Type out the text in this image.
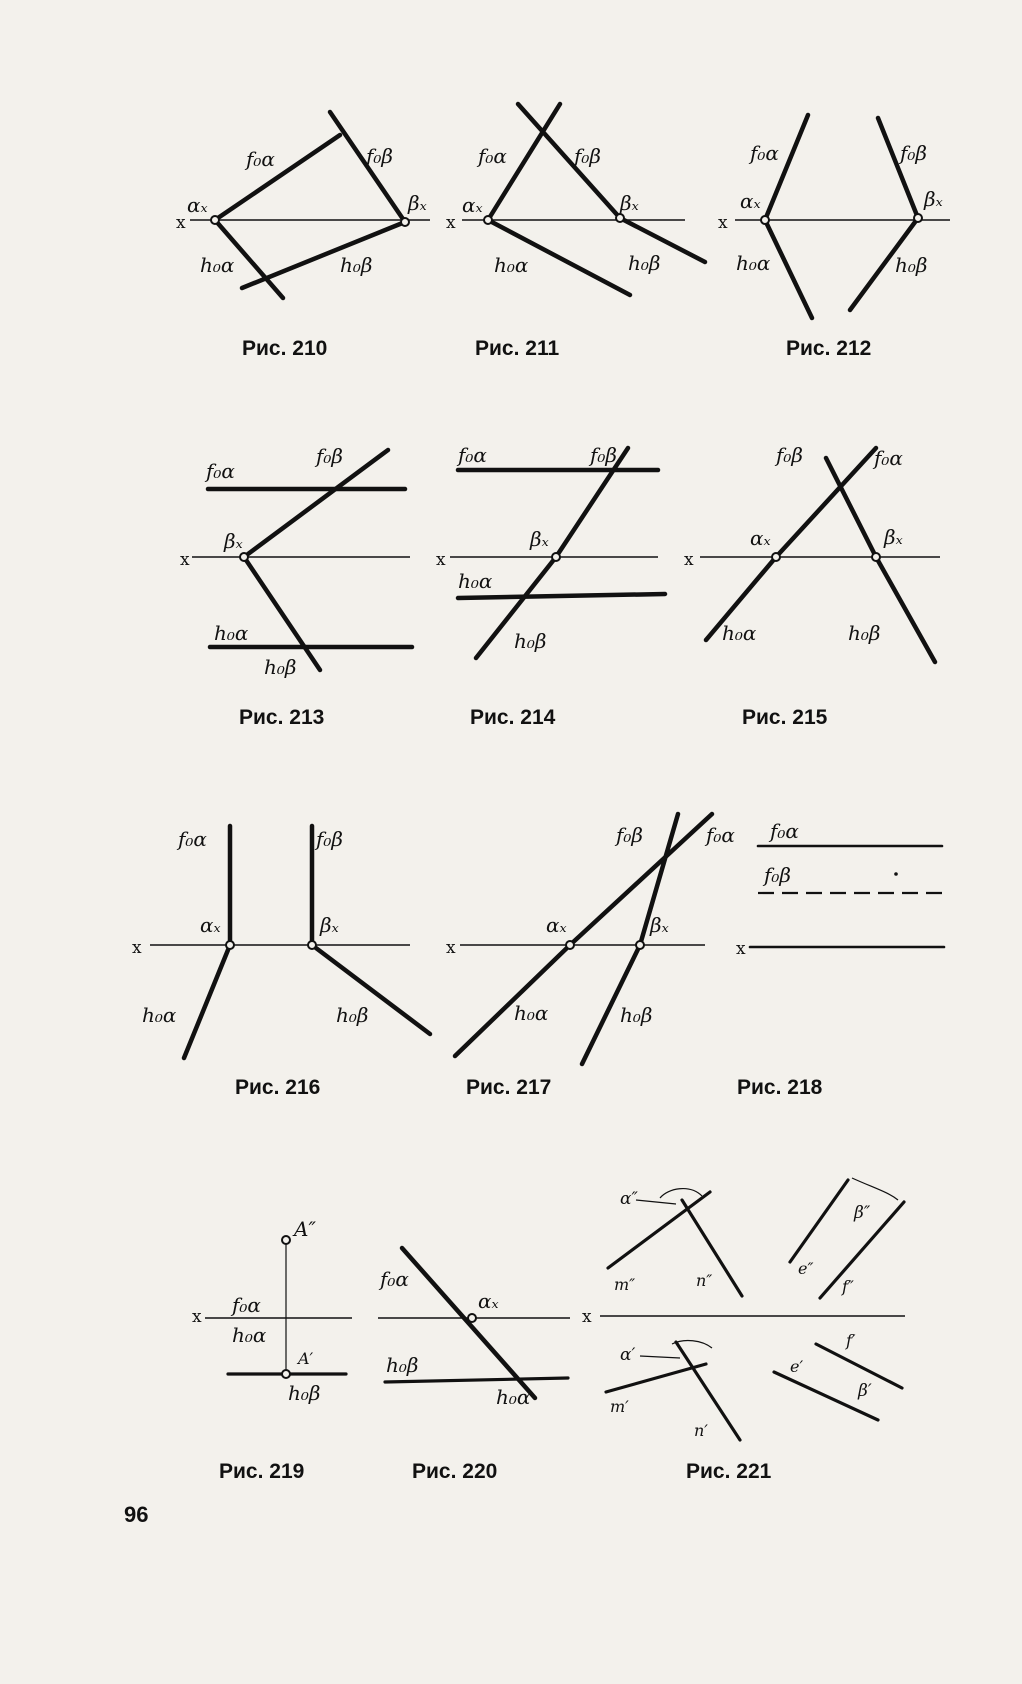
x
f₀α	f₀β
h₀α	h₀β
αₓ	βₓ
x
f₀α	f₀β
h₀α	h₀β
αₓ	βₓ
x
f₀α	f₀β
h₀α	h₀β
αₓ	βₓ
x
f₀α
f₀β
h₀α
h₀β
βₓ
x
f₀α	f₀β
h₀α
h₀β
βₓ
x
f₀α
f₀β
h₀α	h₀β
αₓ	βₓ
x
f₀α	f₀β
h₀α	h₀β
αₓ	βₓ
x
f₀α
f₀β
h₀α	h₀β
αₓ	βₓ
x
f₀α
f₀β
x f₀α
h₀α
h₀β
A″
A′
f₀α
h₀α
h₀β
αₓ
x
α″
α′
m″
m′
n″
n′
β″
β′
e″
e′
f″
f′
Рис. 210	Рис. 211	Рис. 212
Рис. 213	Рис. 214	Рис. 215
Рис. 216	Рис. 217	Рис. 218
Рис. 219	Рис. 220	Рис. 221
96
